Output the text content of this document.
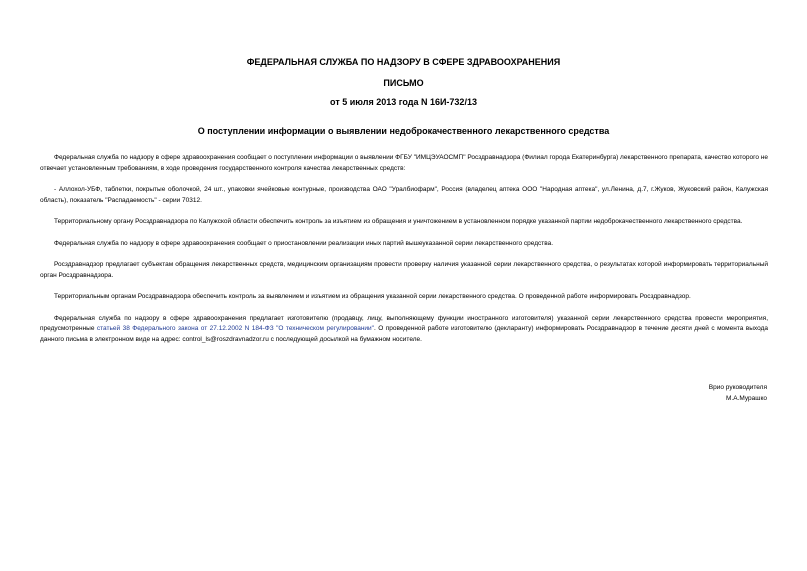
ФЕДЕРАЛЬНАЯ СЛУЖБА ПО НАДЗОРУ В СФЕРЕ ЗДРАВООХРАНЕНИЯ
ПИСЬМО
от 5 июля 2013 года N 16И-732/13
О поступлении информации о выявлении недоброкачественного лекарственного средства

Федеральная служба по надзору в сфере здравоохранения сообщает о поступлении информации о выявлении ФГБУ "ИМЦЭУАОСМП" Росздравнадзора (Филиал города Екатеринбурга) лекарственного препарата, качество которого не отвечает установленным требованиям, в ходе проведения государственного контроля качества лекарственных средств:

- Аллохол-УБФ, таблетки, покрытые оболочкой, 24 шт., упаковки ячейковые контурные, производства ОАО "Уралбиофарм", Россия (владелец аптека ООО "Народная аптека", ул.Ленина, д.7, г.Жуков, Жуковский район, Калужская область), показатель "Распадаемость" - серии 70312.

Территориальному органу Росздравнадзора по Калужской области обеспечить контроль за изъятием из обращения и уничтожением в установленном порядке указанной партии недоброкачественного лекарственного средства.

Федеральная служба по надзору в сфере здравоохранения сообщает о приостановлении реализации иных партий вышеуказанной серии лекарственного средства.

Росздравнадзор предлагает субъектам обращения лекарственных средств, медицинским организациям провести проверку наличия указанной серии лекарственного средства, о результатах которой информировать территориальный орган Росздравнадзора.

Территориальным органам Росздравнадзора обеспечить контроль за выявлением и изъятием из обращения указанной серии лекарственного средства. О проведенной работе информировать Росздравнадзор.

Федеральная служба по надзору в сфере здравоохранения предлагает изготовителю (продавцу, лицу, выполняющему функции иностранного изготовителя) указанной серии лекарственного средства провести мероприятия, предусмотренные статьей 38 Федерального закона от 27.12.2002 N 184-ФЗ "О техническом регулировании". О проведенной работе изготовителю (декларанту) информировать Росздравнадзор в течение десяти дней с момента выхода данного письма в электронном виде на адрес: control_ls@roszdravnadzor.ru с последующей досылкой на бумажном носителе.

Врио руководителя
М.А.Мурашко
